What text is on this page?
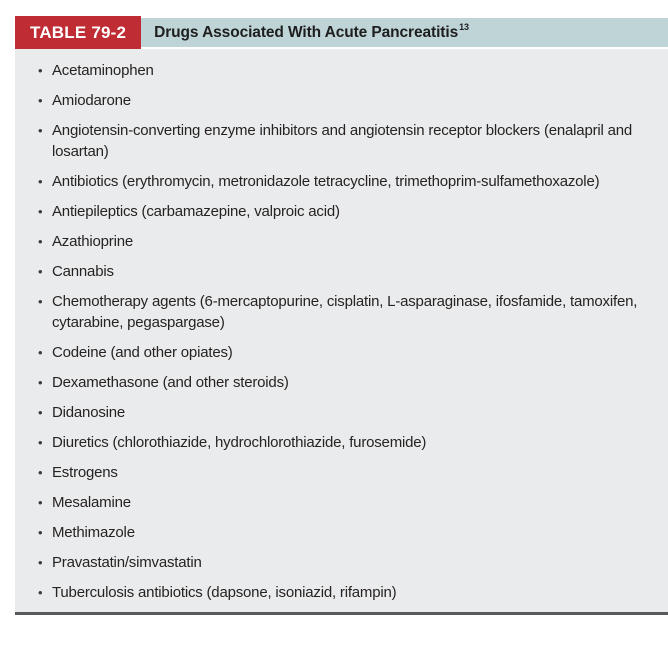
TABLE 79-2 Drugs Associated With Acute Pancreatitis$^{13}$
• Acetaminophen
• Amiodarone
• Angiotensin-converting enzyme inhibitors and angiotensin receptor blockers (enalapril and losartan)
• Antibiotics (erythromycin, metronidazole tetracycline, trimethoprim-sulfamethoxazole)
• Antiepileptics (carbamazepine, valproic acid)
• Azathioprine
• Cannabis
• Chemotherapy agents (6-mercaptopurine, cisplatin, L-asparaginase, ifosfamide, tamoxifen, cytarabine, pegaspargase)
• Codeine (and other opiates)
• Dexamethasone (and other steroids)
• Didanosine
• Diuretics (chlorothiazide, hydrochlorothiazide, furosemide)
• Estrogens
• Mesalamine
• Methimazole
• Pravastatin/simvastatin
• Tuberculosis antibiotics (dapsone, isoniazid, rifampin)
